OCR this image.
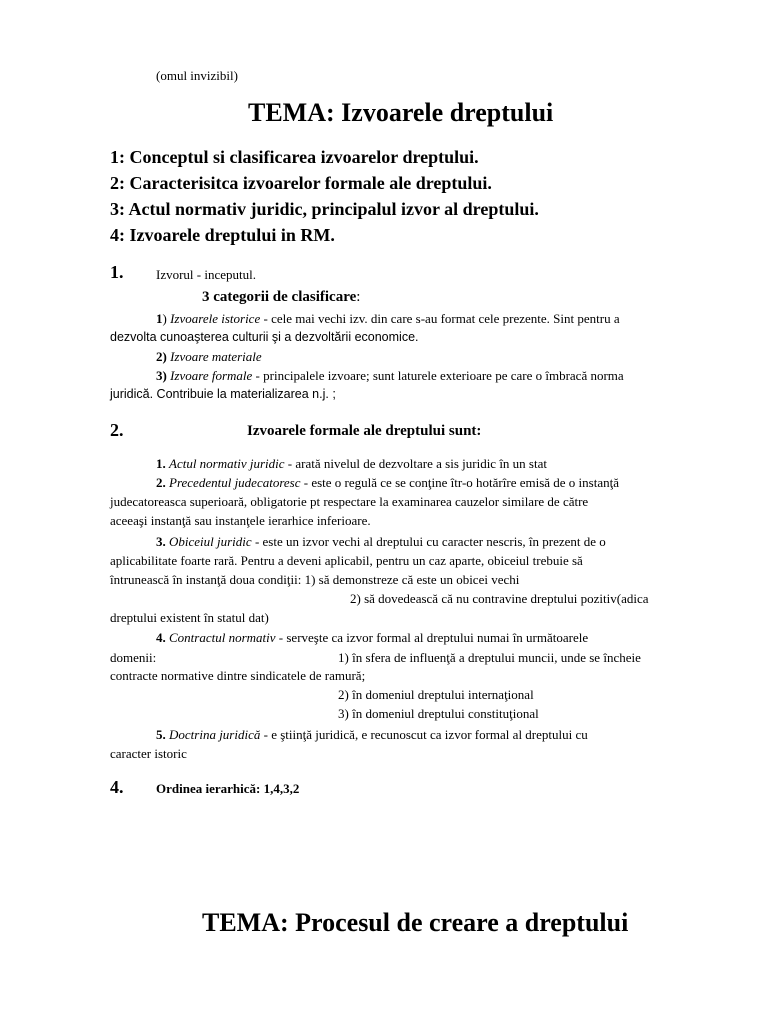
(omul invizibil)
TEMA: Izvoarele dreptului
1: Conceptul si clasificarea izvoarelor dreptului.
2: Caracterisitca izvoarelor formale ale dreptului.
3: Actul normativ juridic, principalul izvor al dreptului.
4: Izvoarele dreptului in RM.
1.	Izvorul - inceputul.
3 categorii de clasificare:
1) Izvoarele istorice - cele mai vechi izv. din care s-au format cele prezente. Sint pentru a
dezvolta cunoaşterea culturii şi a dezvoltării economice.
2) Izvoare materiale
3) Izvoare formale - principalele izvoare; sunt laturele exterioare pe care o îmbracă norma
juridică. Contribuie la materializarea n.j. ;
2.	Izvoarele formale ale dreptului sunt:
1. Actul normativ juridic - arată nivelul de dezvoltare a sis juridic în un stat
2. Precedentul judecatoresc - este o regulă ce se conţine îtr-o hotărîre emisă de o instanţă
judecatoreasca superioară, obligatorie pt respectare la examinarea cauzelor similare de către
aceeaşi instanţă sau instanţele ierarhice inferioare.
3. Obiceiul juridic - este un izvor vechi al dreptului cu caracter nescris, în prezent de o
aplicabilitate foarte rară. Pentru a deveni aplicabil, pentru un caz aparte, obiceiul trebuie să
întrunească în instanţă doua condiţii: 1) să demonstreze că este un obicei vechi
2) să dovedească că nu contravine dreptului pozitiv(adica
dreptului existent în statul dat)
4. Contractul normativ - serveşte ca izvor formal al dreptului numai în următoarele
domenii:	1) în sfera de influenţă a dreptului muncii, unde se încheie
contracte normative dintre sindicatele de ramură;
2) în domeniul dreptului internaţional
3) în domeniul dreptului constituţional
5. Doctrina juridică - e ştiinţă juridică, e recunoscut ca izvor formal al dreptului cu
caracter istoric
4.	Ordinea ierarhică: 1,4,3,2
TEMA: Procesul de creare a dreptului
